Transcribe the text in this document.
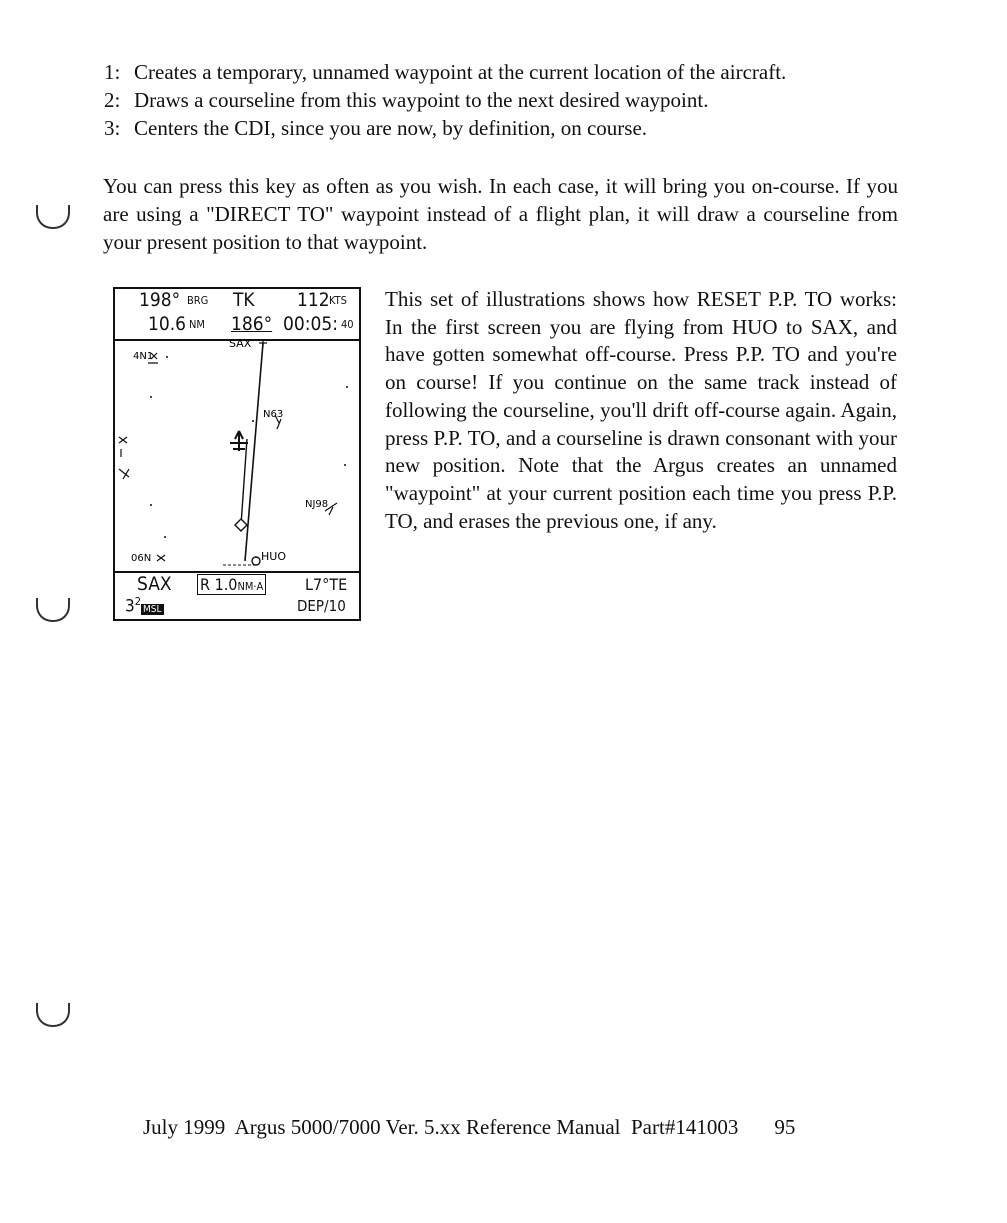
1: Creates a temporary, unnamed waypoint at the current location of the aircraft.
2: Draws a courseline from this waypoint to the next desired waypoint.
3: Centers the CDI, since you are now, by definition, on course.

You can press this key as often as you wish. In each case, it will bring you on-course. If you are using a "DIRECT TO" waypoint instead of a flight plan, it will draw a courseline from your present position to that waypoint.

198° BRG TK 112 KTS
10.6 NM 186° 00:05: 40
SAX
4N1
N63
NJ98
06N	HUO
SAX R 1.0NM·A	L7°TE
$3^2MSL$	DEP/10

This set of illustrations shows how RESET P.P. TO works: In the first screen you are flying from HUO to SAX, and have gotten somewhat off-course. Press P.P. TO and you're on course! If you continue on the same track instead of following the courseline, you'll drift off-course again. Again, press P.P. TO, and a courseline is drawn consonant with your new position. Note that the Argus creates an unnamed "waypoint" at your current position each time you press P.P. TO, and erases the previous one, if any.

July 1999  Argus 5000/7000 Ver. 5.xx Reference Manual  Part#141003 95
